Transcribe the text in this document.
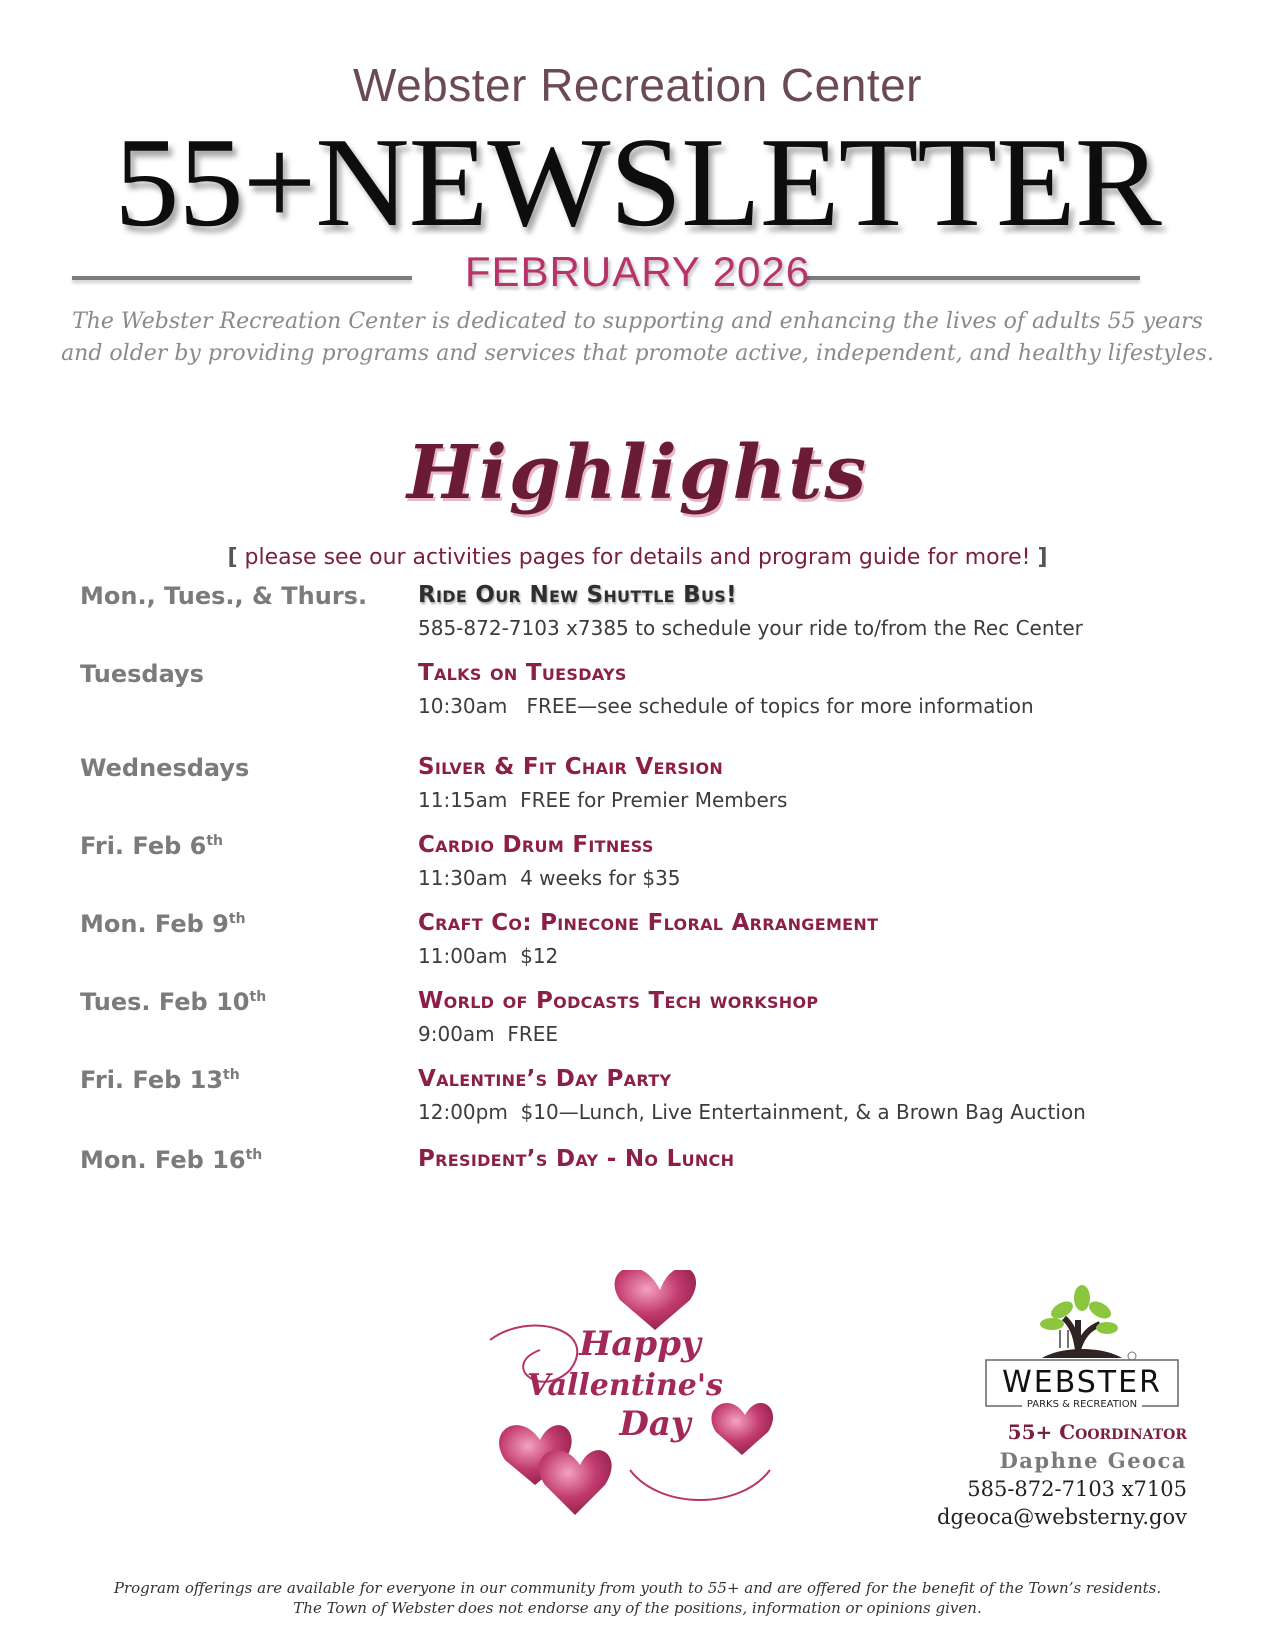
Webster Recreation Center
55+NEWSLETTER
FEBRUARY 2026
The Webster Recreation Center is dedicated to supporting and enhancing the lives of adults 55 years and older by providing programs and services that promote active, independent, and healthy lifestyles.
Highlights
[ please see our activities pages for details and program guide for more! ]
Mon., Tues., & Thurs.	Ride Our New Shuttle Bus!
585-872-7103 x7385 to schedule your ride to/from the Rec Center
Tuesdays	Talks on Tuesdays
10:30am   FREE—see schedule of topics for more information
Wednesdays	Silver & Fit Chair Version
11:15am  FREE for Premier Members
Fri. Feb 6th	Cardio Drum Fitness
11:30am  4 weeks for $35
Mon. Feb 9th	Craft Co: Pinecone Floral Arrangement
11:00am  $12
Tues. Feb 10th	World of Podcasts Tech workshop
9:00am  FREE
Fri. Feb 13th	Valentine’s Day Party
12:00pm  $10—Lunch, Live Entertainment, & a Brown Bag Auction
Mon. Feb 16th	President’s Day - No Lunch
Happy
Vallentine's
Day
WEBSTER
PARKS & RECREATION
55+ Coordinator
Daphne Geoca
585-872-7103 x7105
dgeoca@websterny.gov
Program offerings are available for everyone in our community from youth to 55+ and are offered for the benefit of the Town’s residents.
The Town of Webster does not endorse any of the positions, information or opinions given.
